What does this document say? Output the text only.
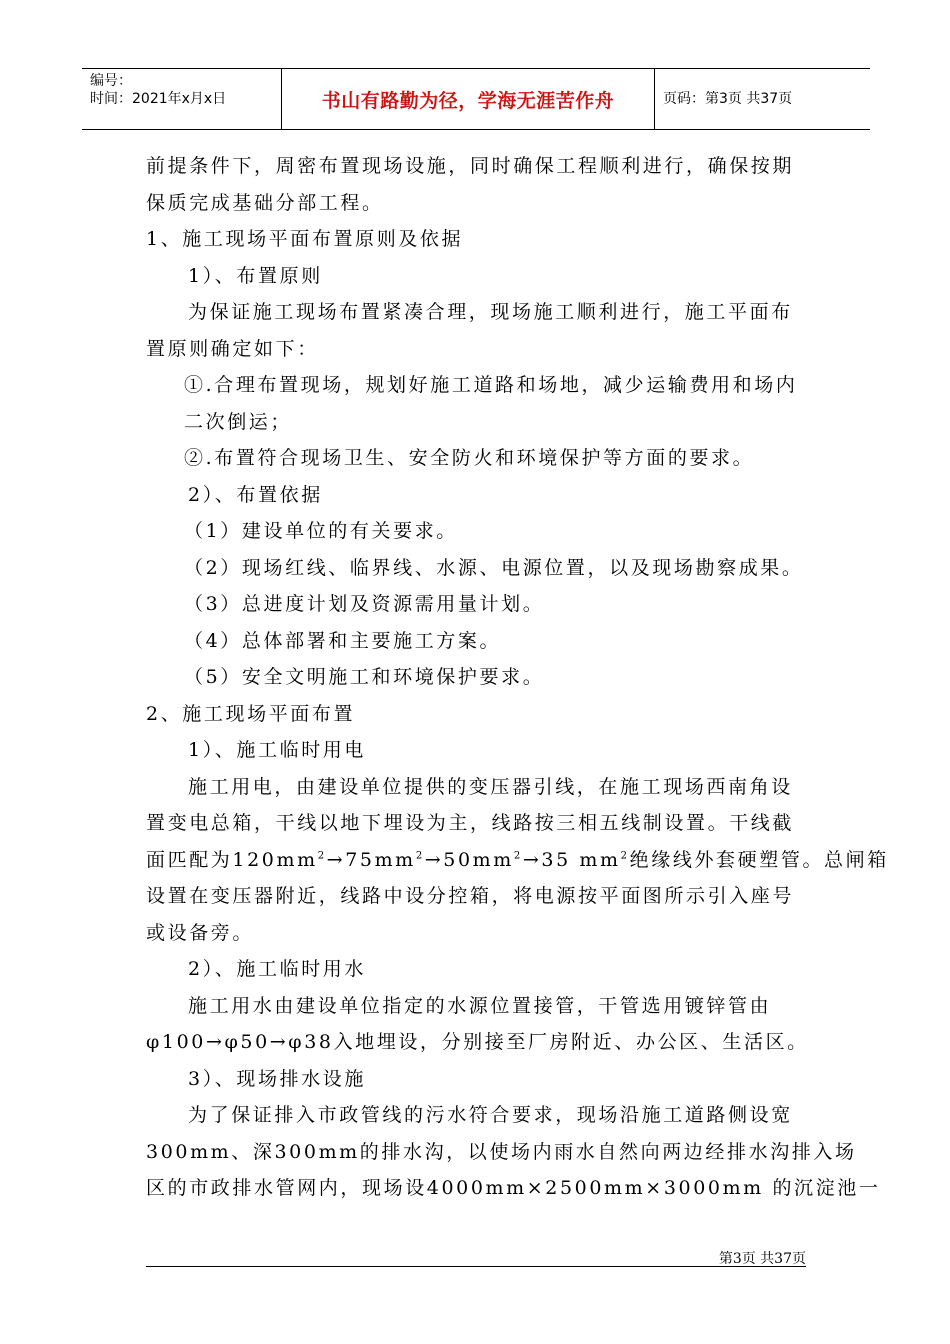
编号：
时间：2021年x月x日	书山有路勤为径，学海无涯苦作舟	页码：第3页 共37页
前提条件下，周密布置现场设施，同时确保工程顺利进行，确保按期
保质完成基础分部工程。
1、施工现场平面布置原则及依据
1）、布置原则
为保证施工现场布置紧凑合理，现场施工顺利进行，施工平面布
置原则确定如下：
①.合理布置现场，规划好施工道路和场地，减少运输费用和场内
二次倒运；
②.布置符合现场卫生、安全防火和环境保护等方面的要求。
2）、布置依据
（1）建设单位的有关要求。
（2）现场红线、临界线、水源、电源位置，以及现场勘察成果。
（3）总进度计划及资源需用量计划。
（4）总体部署和主要施工方案。
（5）安全文明施工和环境保护要求。
2、施工现场平面布置
1）、施工临时用电
施工用电，由建设单位提供的变压器引线，在施工现场西南角设
置变电总箱，干线以地下埋设为主，线路按三相五线制设置。干线截
面匹配为$120mm^2\to 75mm^2\to 50mm^2\to 35$ $mm^2$绝缘线外套硬塑管。总闸箱
设置在变压器附近，线路中设分控箱，将电源按平面图所示引入座号
或设备旁。
2）、施工临时用水
施工用水由建设单位指定的水源位置接管，干管选用镀锌管由
φ100→φ50→φ38入地埋设，分别接至厂房附近、办公区、生活区。
3）、现场排水设施
为了保证排入市政管线的污水符合要求，现场沿施工道路侧设宽
300mm、深300mm的排水沟，以使场内雨水自然向两边经排水沟排入场
区的市政排水管网内，现场设4000mm×2500mm×3000mm 的沉淀池一
第3页 共37页
